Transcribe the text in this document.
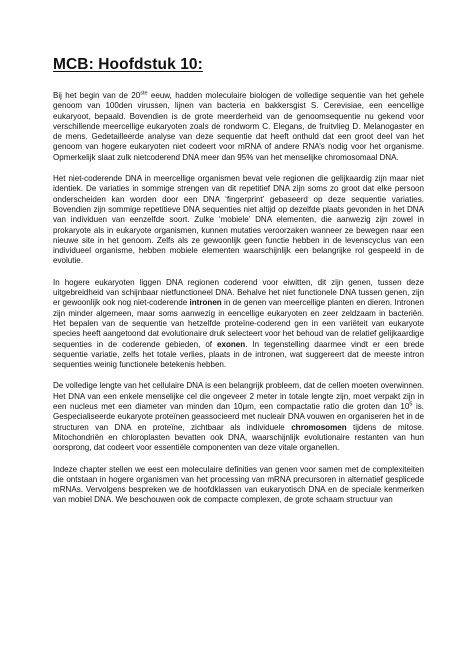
MCB: Hoofdstuk 10:

Bij het begin van de 20ste eeuw, hadden moleculaire biologen de volledige sequentie van het gehele genoom van 100den virussen, lijnen van bacteria en bakkersgist S. Cerevisiae, een eencellige eukaryoot, bepaald. Bovendien is de grote meerderheid van de genoomsequentie nu gekend voor verschillende meercellige eukaryoten zoals de rondworm C. Elegans, de fruitvlieg D. Melanogaster en de mens. Gedetailleerde analyse van deze sequentie dat heeft onthuld dat een groot deel van het genoom van hogere eukaryoten niet codeert voor mRNA of andere RNA’s nodig voor het organisme. Opmerkelijk slaat zulk nietcoderend DNA meer dan 95% van het menselijke chromosomaal DNA.

Het niet-coderende DNA in meercellige organismen bevat vele regionen die gelijkaardig zijn maar niet identiek. De variaties in sommige strengen van dit repetitief DNA zijn soms zo groot dat elke persoon onderscheiden kan worden door een DNA ‘fingerprint’ gebaseerd op deze sequentie variaties. Bovendien zijn sommige repetitieve DNA sequenties niet altijd op dezelfde plaats gevonden in het DNA van individuen van eenzelfde soort. Zulke ‘mobiele’ DNA elementen, die aanwezig zijn zowel in prokaryote als in eukaryote organismen, kunnen mutaties veroorzaken wanneer ze bewegen naar een nieuwe site in het genoom. Zelfs als ze gewoonlijk geen functie hebben in de levenscyclus van een individueel organisme, hebben mobiele elementen waarschijnlijk een belangrijke rol gespeeld in de evolutie.

In hogere eukaryoten liggen DNA regionen coderend voor eiwitten, dit zijn genen, tussen deze uitgebreidheid van schijnbaar nietfunctioneel DNA. Behalve het niet functionele DNA tussen genen, zijn er gewoonlijk ook nog niet-coderende intronen in de genen van meercellige planten en dieren. Intronen zijn minder algemeen, maar soms aanwezig in eencellige eukaryoten en zeer zeldzaam in bacteriën. Het bepalen van de sequentie van hetzelfde proteïne-coderend gen in een variëteit van eukaryote species heeft aangetoond dat evolutionaire druk selecteert voor het behoud van de relatief gelijkaardige sequenties in de coderende gebieden, of exonen. In tegenstelling daarmee vindt er een brede sequentie variatie, zelfs het totale verlies, plaats in de intronen, wat suggereert dat de meeste intron sequenties weinig functionele betekenis hebben.

De volledige lengte van het cellulaire DNA is een belangrijk probleem, dat de cellen moeten overwinnen. Het DNA van een enkele menselijke cel die ongeveer 2 meter in totale lengte zijn, moet verpakt zijn in een nucleus met een diameter van minden dan 10μm, een compactatie ratio die groten dan $10^5$ is. Gespecialiseerde eukaryote proteïnen geassocieerd met nucleair DNA vouwen en organiseren het in de structuren van DNA en proteïne, zichtbaar als individuele chromosomen tijdens de mitose. Mitochondriën en chloroplasten bevatten ook DNA, waarschijnlijk evolutionaire restanten van hun oorsprong, dat codeert voor essentiële componenten van deze vitale organellen.

Indeze chapter stellen we eest een moleculaire definities van genen voor samen met de complexiteiten die ontstaan in hogere organismen van het processing van mRNA precursoren in alternatief gesplicede mRNAs. Vervolgens bespreken we de hoofdklassen van eukaryotisch DNA en de speciale kenmerken van mobiel DNA. We beschouwen ook de compacte complexen, de grote schaam structuur van
